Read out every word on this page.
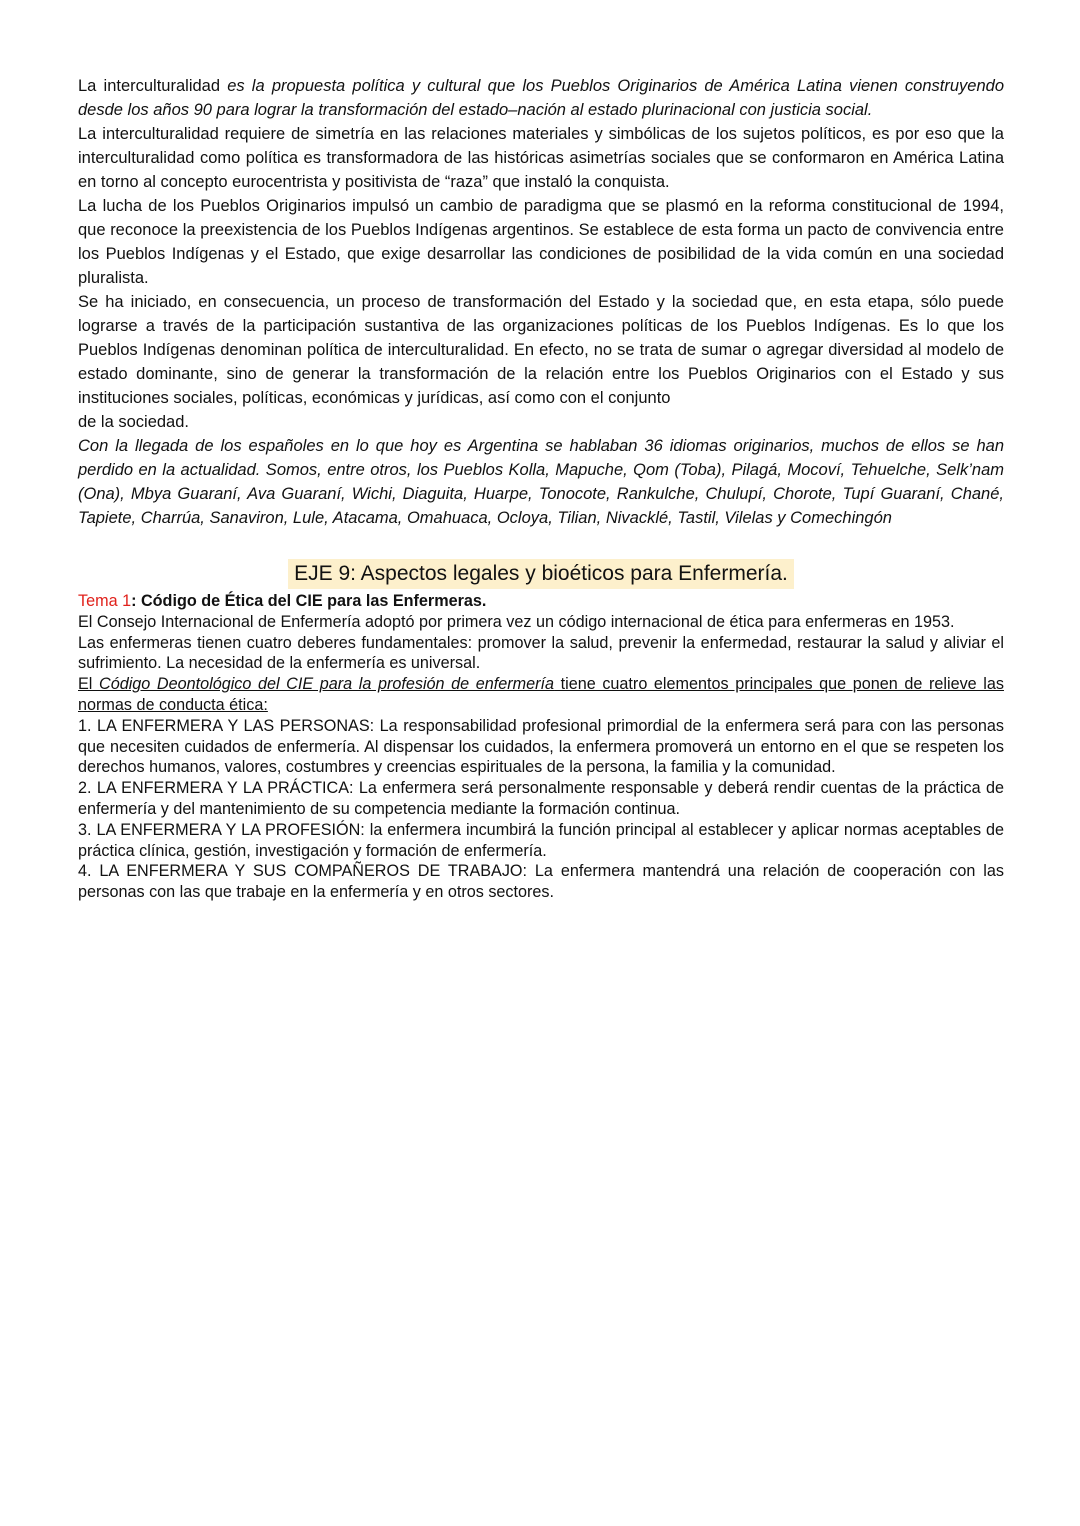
La interculturalidad es la propuesta política y cultural que los Pueblos Originarios de América Latina vienen construyendo desde los años 90 para lograr la transformación del estado–nación al estado plurinacional con justicia social.

La interculturalidad requiere de simetría en las relaciones materiales y simbólicas de los sujetos políticos, es por eso que la interculturalidad como política es transformadora de las históricas asimetrías sociales que se conformaron en América Latina en torno al concepto eurocentrista y positivista de “raza” que instaló la conquista.

La lucha de los Pueblos Originarios impulsó un cambio de paradigma que se plasmó en la reforma constitucional de 1994, que reconoce la preexistencia de los Pueblos Indígenas argentinos. Se establece de esta forma un pacto de convivencia entre los Pueblos Indígenas y el Estado, que exige desarrollar las condiciones de posibilidad de la vida común en una sociedad pluralista.

Se ha iniciado, en consecuencia, un proceso de transformación del Estado y la sociedad que, en esta etapa, sólo puede lograrse a través de la participación sustantiva de las organizaciones políticas de los Pueblos Indígenas. Es lo que los Pueblos Indígenas denominan política de interculturalidad. En efecto, no se trata de sumar o agregar diversidad al modelo de estado dominante, sino de generar la transformación de la relación entre los Pueblos Originarios con el Estado y sus instituciones sociales, políticas, económicas y jurídicas, así como con el conjunto

de la sociedad.

Con la llegada de los españoles en lo que hoy es Argentina se hablaban 36 idiomas originarios, muchos de ellos se han perdido en la actualidad. Somos, entre otros, los Pueblos Kolla, Mapuche, Qom (Toba), Pilagá, Mocoví, Tehuelche, Selk’nam (Ona), Mbya Guaraní, Ava Guaraní, Wichi, Diaguita, Huarpe, Tonocote, Rankulche, Chulupí, Chorote, Tupí Guaraní, Chané, Tapiete, Charrúa, Sanaviron, Lule, Atacama, Omahuaca, Ocloya, Tilian, Nivacklé, Tastil, Vilelas y Comechingón

EJE 9: Aspectos legales y bioéticos para Enfermería.

Tema 1: Código de Ética del CIE para las Enfermeras.

El Consejo Internacional de Enfermería adoptó por primera vez un código internacional de ética para enfermeras en 1953.

Las enfermeras tienen cuatro deberes fundamentales: promover la salud, prevenir la enfermedad, restaurar la salud y aliviar el sufrimiento. La necesidad de la enfermería es universal.

El Código Deontológico del CIE para la profesión de enfermería tiene cuatro elementos principales que ponen de relieve las normas de conducta ética:

1. LA ENFERMERA Y LAS PERSONAS: La responsabilidad profesional primordial de la enfermera será para con las personas que necesiten cuidados de enfermería. Al dispensar los cuidados, la enfermera promoverá un entorno en el que se respeten los derechos humanos, valores, costumbres y creencias espirituales de la persona, la familia y la comunidad.

2. LA ENFERMERA Y LA PRÁCTICA: La enfermera será personalmente responsable y deberá rendir cuentas de la práctica de enfermería y del mantenimiento de su competencia mediante la formación continua.

3. LA ENFERMERA Y LA PROFESIÓN: la enfermera incumbirá la función principal al establecer y aplicar normas aceptables de práctica clínica, gestión, investigación y formación de enfermería.

4. LA ENFERMERA Y SUS COMPAÑEROS DE TRABAJO: La enfermera mantendrá una relación de cooperación con las personas con las que trabaje en la enfermería y en otros sectores.
